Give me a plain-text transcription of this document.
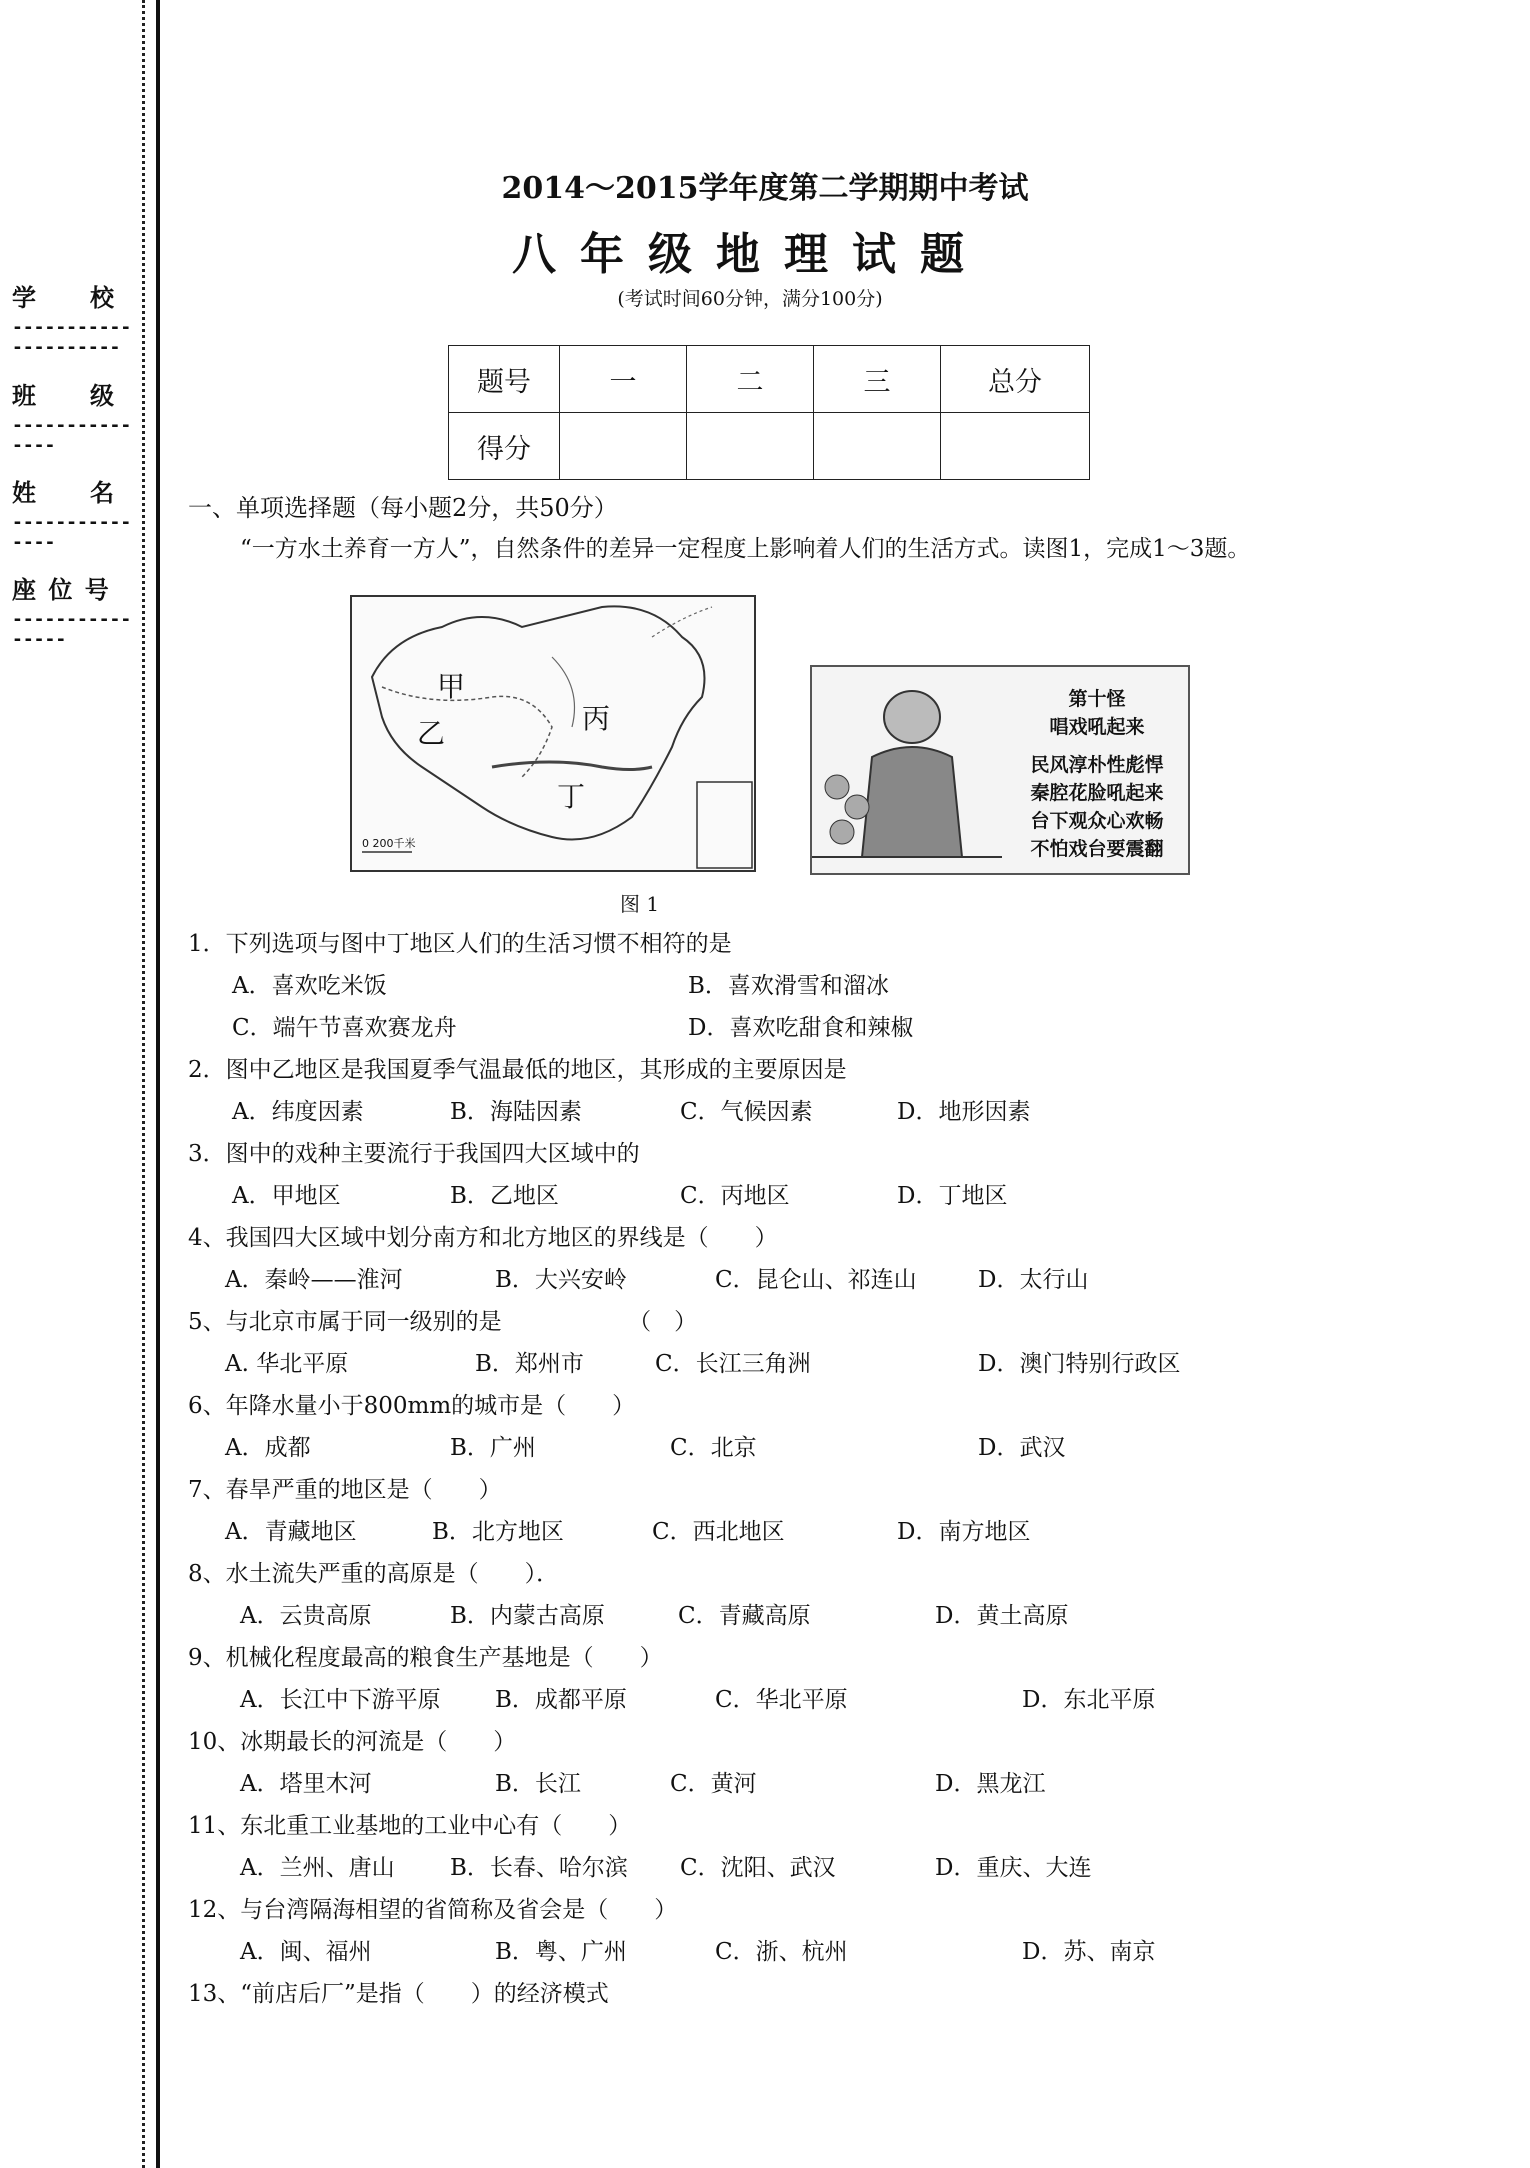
学　　校
-----------
----------
班　　级
-----------
----
姓　　名
-----------
----
座 位 号
-----------
-----
2014～2015学年度第二学期期中考试
八年级地理试题
(考试时间60分钟，满分100分)
题号	一	二	三	总分
得分				
一、单项选择题（每小题2分，共50分）
“一方水土养育一方人”，自然条件的差异一定程度上影响着人们的生活方式。读图1，完成1～3题。
甲
乙	丙
丁
0 200千米
第十怪
唱戏吼起来
民风淳朴性彪悍
秦腔花脸吼起来
台下观众心欢畅
不怕戏台要震翻
图 1
1．下列选项与图中丁地区人们的生活习惯不相符的是
A．喜欢吃米饭	B．喜欢滑雪和溜冰
C．端午节喜欢赛龙舟	D．喜欢吃甜食和辣椒
2．图中乙地区是我国夏季气温最低的地区，其形成的主要原因是
A．纬度因素	B．海陆因素	C．气候因素	D．地形因素
3．图中的戏种主要流行于我国四大区域中的
A．甲地区	B．乙地区	C．丙地区	D．丁地区
4、我国四大区域中划分南方和北方地区的界线是（　　）
A．秦岭——淮河	B．大兴安岭	C．昆仑山、祁连山	D．太行山
5、与北京市属于同一级别的是　　　　　　（　）
A. 华北平原	B．郑州市	C．长江三角洲	D．澳门特别行政区
6、年降水量小于800mm的城市是（　　）
A．成都	B．广州	C．北京	D．武汉
7、春旱严重的地区是（　　）
A．青藏地区	B．北方地区	C．西北地区	D．南方地区
8、水土流失严重的高原是（　　）．
A．云贵高原	B．内蒙古高原	C．青藏高原	D．黄土高原
9、机械化程度最高的粮食生产基地是（　　）
A．长江中下游平原 B．成都平原	C．华北平原	D．东北平原
10、冰期最长的河流是（　　）
A．塔里木河	B．长江	C．黄河	D．黑龙江
11、东北重工业基地的工业中心有（　　）
A．兰州、唐山 B．长春、哈尔滨 C．沈阳、武汉	D．重庆、大连
12、与台湾隔海相望的省简称及省会是（　　）
A．闽、福州	B．粤、广州	C．浙、杭州	D．苏、南京
13、“前店后厂”是指（　　）的经济模式
